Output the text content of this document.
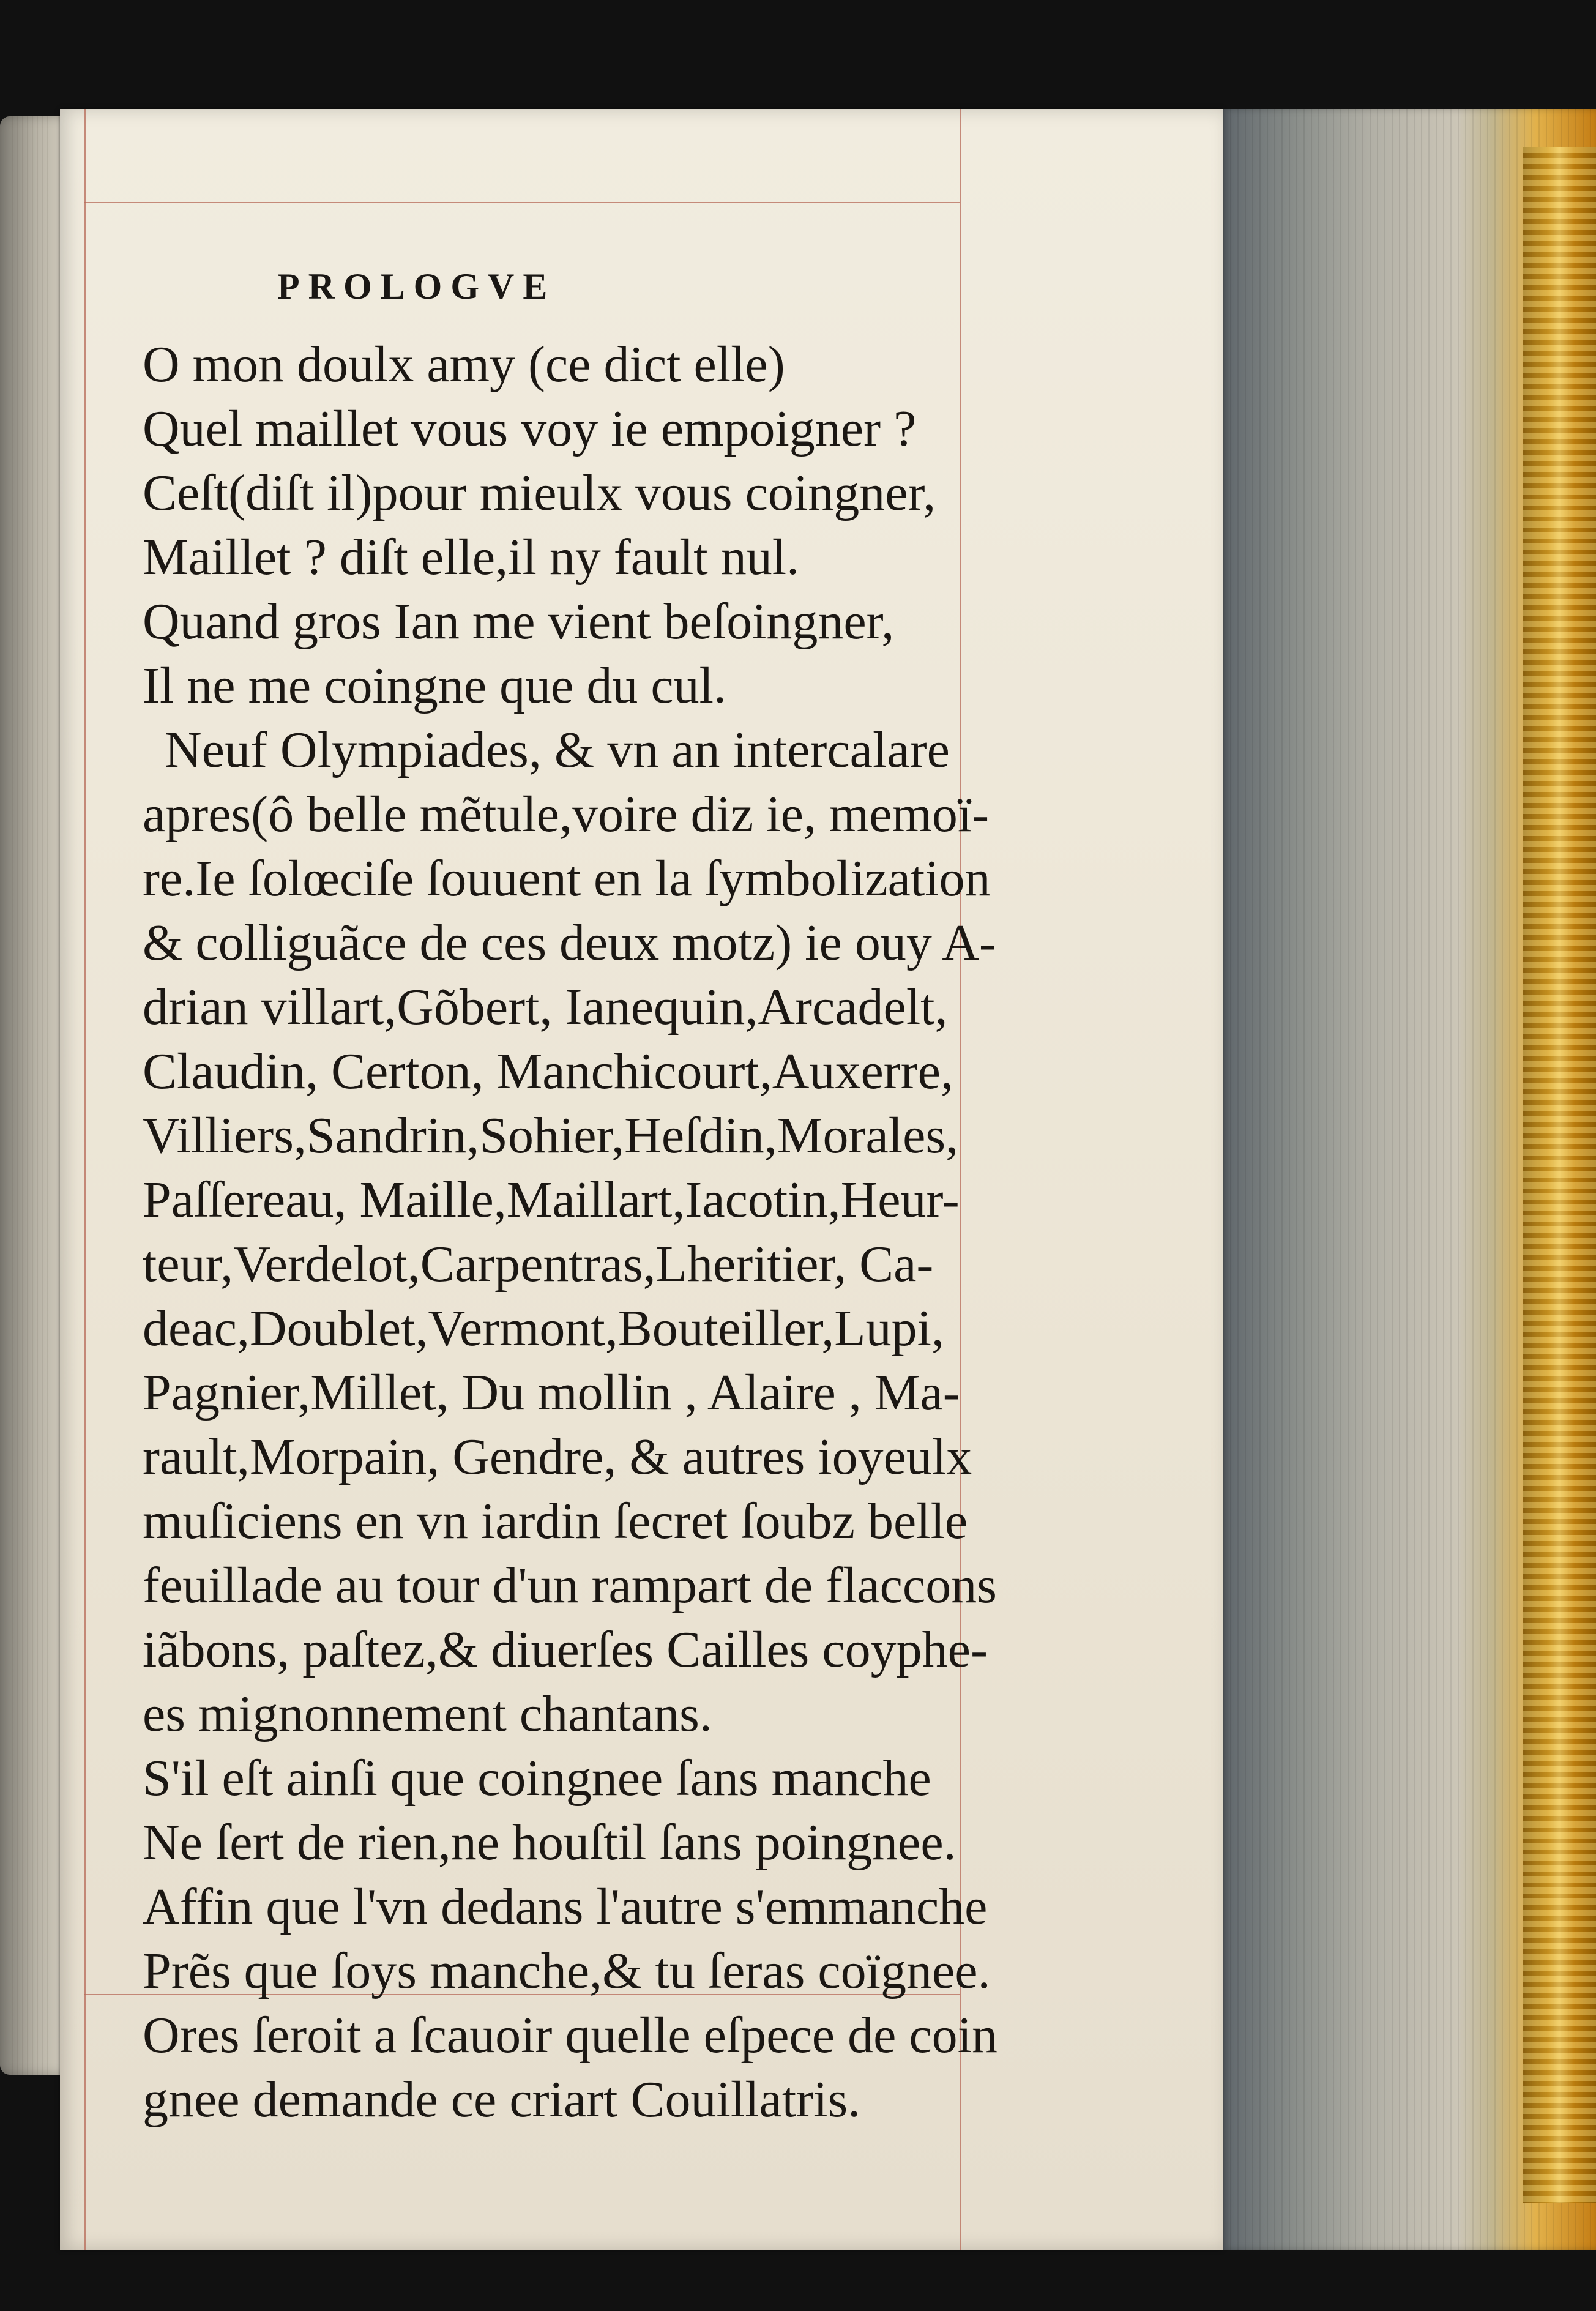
PROLOGVE
O mon doulx amy (ce dict elle)
Quel maillet vous voy ie empoigner ?
Ceſt(diſt il)pour mieulx vous coingner,
Maillet ? diſt elle,il ny fault nul.
Quand gros Ian me vient beſoingner,
Il ne me coingne que du cul.
Neuf Olympiades, & vn an intercalare
apres(ô belle mẽtule,voire diz ie, memoï-
re.Ie ſolœciſe ſouuent en la ſymbolization
& colliguãce de ces deux motz) ie ouy A-
drian villart,Gõbert, Ianequin,Arcadelt,
Claudin, Certon, Manchicourt,Auxerre,
Villiers,Sandrin,Sohier,Heſdin,Morales,
Paſſereau, Maille,Maillart,Iacotin,Heur-
teur,Verdelot,Carpentras,Lheritier, Ca-
deac,Doublet,Vermont,Bouteiller,Lupi,
Pagnier,Millet, Du mollin , Alaire , Ma-
rault,Morpain, Gendre, & autres ioyeulx
muſiciens en vn iardin ſecret ſoubz belle
feuillade au tour d'un rampart de flaccons
iãbons, paſtez,& diuerſes Cailles coyphe-
es mignonnement chantans.
S'il eſt ainſi que coingnee ſans manche
Ne ſert de rien,ne houſtil ſans poingnee.
Affin que l'vn dedans l'autre s'emmanche
Prẽs que ſoys manche,& tu ſeras coïgnee.
Ores ſeroit a ſcauoir quelle eſpece de coin
gnee demande ce criart Couillatris.
